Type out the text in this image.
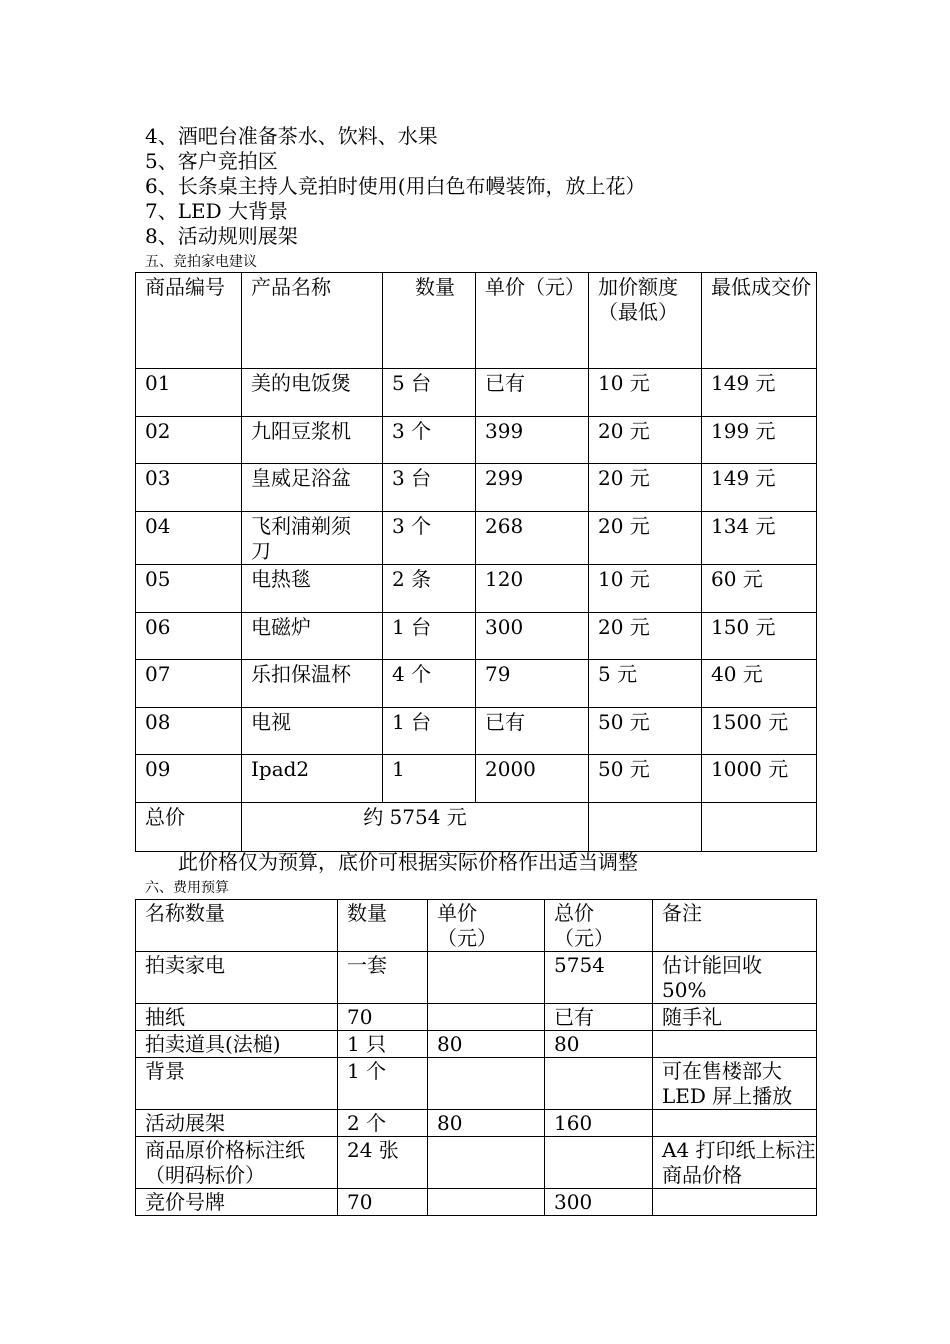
4、酒吧台准备茶水、饮料、水果
5、客户竞拍区
6、长条桌主持人竞拍时使用(用白色布幔装饰，放上花）
7、LED 大背景
8、活动规则展架
五、竞拍家电建议
商品编号	产品名称	数量	单价（元）	加价额度（最低）	最低成交价
01	美的电饭煲	5 台	已有	10 元	149 元
02	九阳豆浆机	3 个	399	20 元	199 元
03	皇威足浴盆	3 台	299	20 元	149 元
04	飞利浦剃须刀	3 个	268	20 元	134 元
05	电热毯	2 条	120	10 元	60 元
06	电磁炉	1 台	300	20 元	150 元
07	乐扣保温杯	4 个	79	5 元	40 元
08	电视	1 台	已有	50 元	1500 元
09	Ipad2	1	2000	50 元	1000 元
总价	约 5754 元				
此价格仅为预算，底价可根据实际价格作出适当调整
六、费用预算
名称数量	数量	单价（元）	总价（元）	备注
拍卖家电	一套		5754	估计能回收 50%
抽纸	70		已有	随手礼
拍卖道具(法槌)	1 只	80	80	
背景	1 个			可在售楼部大 LED 屏上播放
活动展架	2 个	80	160	
商品原价格标注纸（明码标价）	24 张			A4 打印纸上标注商品价格
竞价号牌	70		300	
